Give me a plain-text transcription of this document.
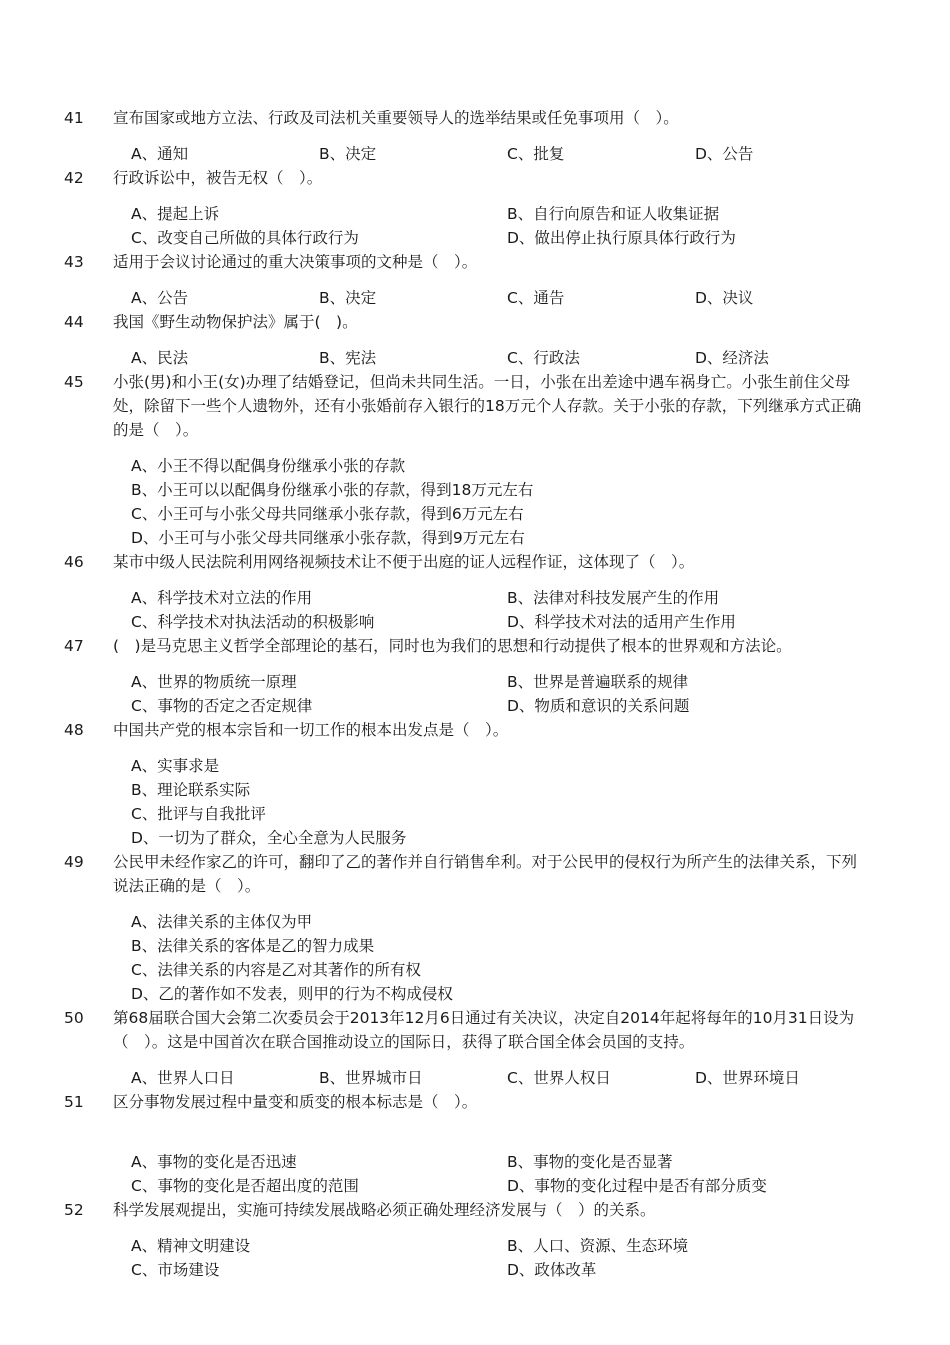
41	宣布国家或地方立法、行政及司法机关重要领导人的选举结果或任免事项用（　）。
A、通知	B、决定	C、批复	D、公告
42	行政诉讼中，被告无权（　）。
A、提起上诉	B、自行向原告和证人收集证据
C、改变自己所做的具体行政行为	D、做出停止执行原具体行政行为
43	适用于会议讨论通过的重大决策事项的文种是（　）。
A、公告	B、决定	C、通告	D、决议
44	我国《野生动物保护法》属于(　)。
A、民法	B、宪法	C、行政法	D、经济法
45	小张(男)和小王(女)办理了结婚登记，但尚未共同生活。一日，小张在出差途中遇车祸身亡。小张生前住父母处，除留下一些个人遗物外，还有小张婚前存入银行的18万元个人存款。关于小张的存款，下列继承方式正确的是（　）。
A、小王不得以配偶身份继承小张的存款
B、小王可以以配偶身份继承小张的存款，得到18万元左右
C、小王可与小张父母共同继承小张存款，得到6万元左右
D、小王可与小张父母共同继承小张存款，得到9万元左右
46	某市中级人民法院利用网络视频技术让不便于出庭的证人远程作证，这体现了（　）。
A、科学技术对立法的作用	B、法律对科技发展产生的作用
C、科学技术对执法活动的积极影响	D、科学技术对法的适用产生作用
47	(　)是马克思主义哲学全部理论的基石，同时也为我们的思想和行动提供了根本的世界观和方法论。
A、世界的物质统一原理	B、世界是普遍联系的规律
C、事物的否定之否定规律	D、物质和意识的关系问题
48	中国共产党的根本宗旨和一切工作的根本出发点是（　）。
A、实事求是
B、理论联系实际
C、批评与自我批评
D、一切为了群众，全心全意为人民服务
49	公民甲未经作家乙的许可，翻印了乙的著作并自行销售牟利。对于公民甲的侵权行为所产生的法律关系，下列说法正确的是（　）。
A、法律关系的主体仅为甲
B、法律关系的客体是乙的智力成果
C、法律关系的内容是乙对其著作的所有权
D、乙的著作如不发表，则甲的行为不构成侵权
50	第68届联合国大会第二次委员会于2013年12月6日通过有关决议，决定自2014年起将每年的10月31日设为（　）。这是中国首次在联合国推动设立的国际日，获得了联合国全体会员国的支持。
A、世界人口日	B、世界城市日	C、世界人权日	D、世界环境日
51	区分事物发展过程中量变和质变的根本标志是（　）。
A、事物的变化是否迅速	B、事物的变化是否显著
C、事物的变化是否超出度的范围	D、事物的变化过程中是否有部分质变
52	科学发展观提出，实施可持续发展战略必须正确处理经济发展与（　）的关系。
A、精神文明建设	B、人口、资源、生态环境
C、市场建设	D、政体改革
